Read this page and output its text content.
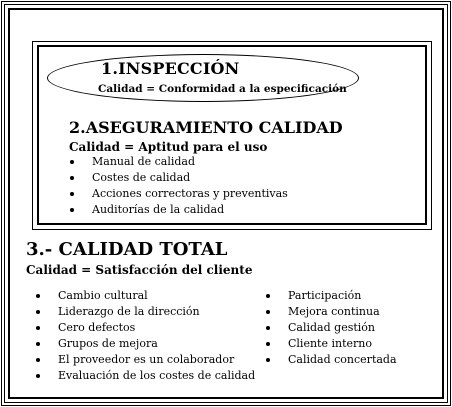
1.INSPECCIÓN
Calidad = Conformidad a la especificación
2.ASEGURAMIENTO CALIDAD
Calidad = Aptitud para el uso
Manual de calidad
Costes de calidad
Acciones correctoras y preventivas
Auditorías de la calidad
3.- CALIDAD TOTAL
Calidad = Satisfacción del cliente
Cambio cultural
Liderazgo de la dirección
Cero defectos
Grupos de mejora
El proveedor es un colaborador
Evaluación de los costes de calidad
Participación
Mejora continua
Calidad gestión
Cliente interno
Calidad concertada
